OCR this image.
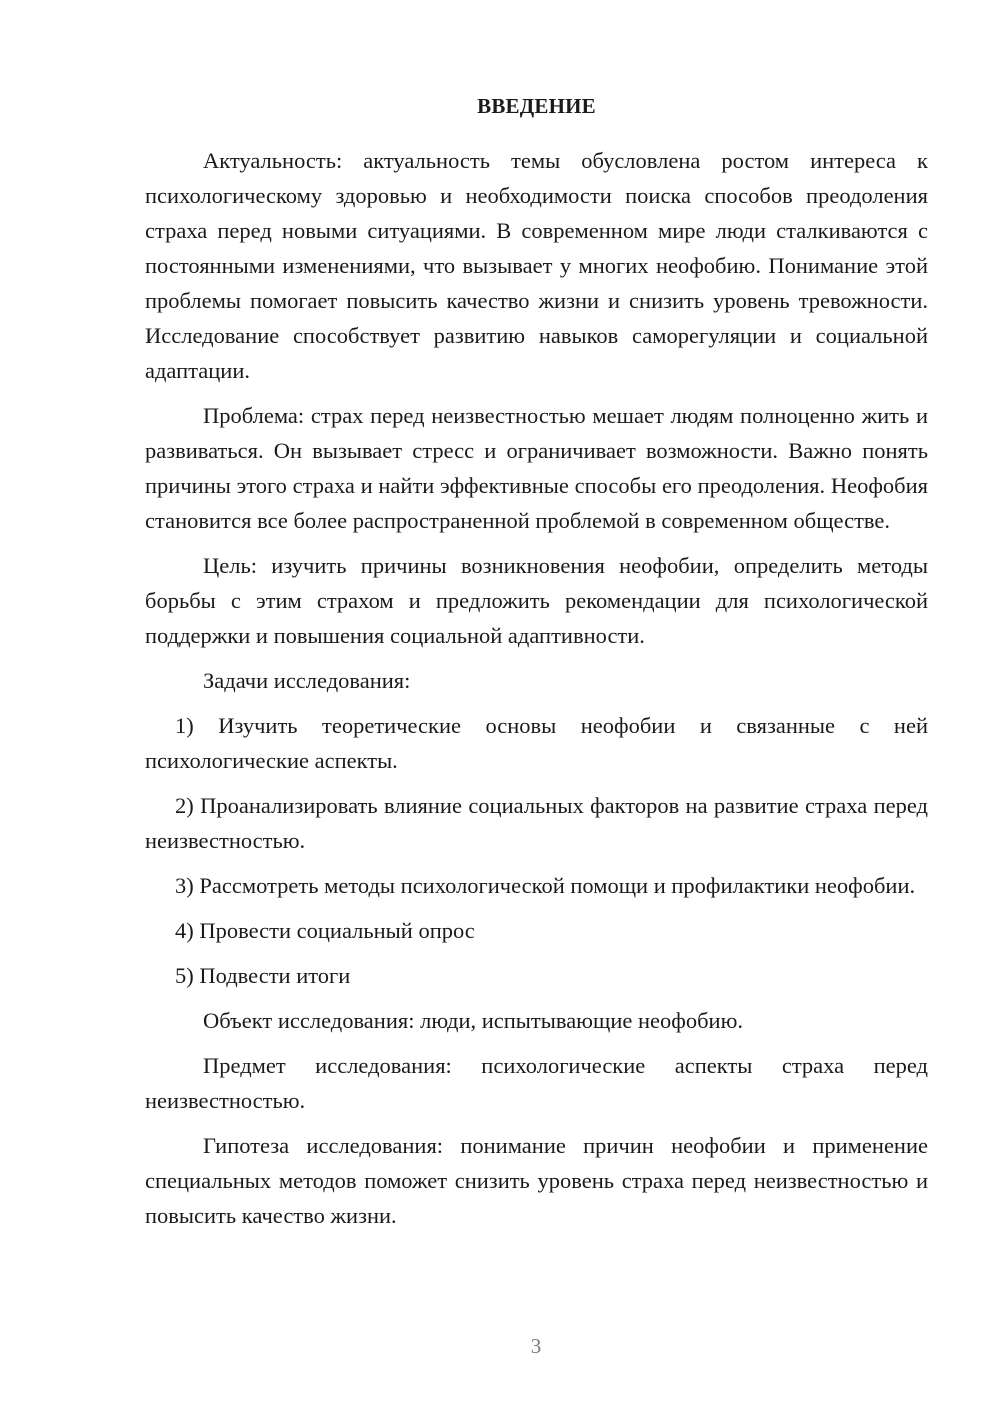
ВВЕДЕНИЕ

Актуальность: актуальность темы обусловлена ростом интереса к психологическому здоровью и необходимости поиска способов преодоления страха перед новыми ситуациями. В современном мире люди сталкиваются с постоянными изменениями, что вызывает у многих неофобию. Понимание этой проблемы помогает повысить качество жизни и снизить уровень тревожности. Исследование способствует развитию навыков саморегуляции и социальной адаптации.

Проблема: страх перед неизвестностью мешает людям полноценно жить и развиваться. Он вызывает стресс и ограничивает возможности. Важно понять причины этого страха и найти эффективные способы его преодоления. Неофобия становится все более распространенной проблемой в современном обществе.

Цель: изучить причины возникновения неофобии, определить методы борьбы с этим страхом и предложить рекомендации для психологической поддержки и повышения социальной адаптивности.

Задачи исследования:

1) Изучить теоретические основы неофобии и связанные с ней психологические аспекты.

2) Проанализировать влияние социальных факторов на развитие страха перед неизвестностью.

3) Рассмотреть методы психологической помощи и профилактики неофобии.

4) Провести социальный опрос

5) Подвести итоги

Объект исследования: люди, испытывающие неофобию.

Предмет исследования: психологические аспекты страха перед неизвестностью.

Гипотеза исследования: понимание причин неофобии и применение специальных методов поможет снизить уровень страха перед неизвестностью и повысить качество жизни.

3
